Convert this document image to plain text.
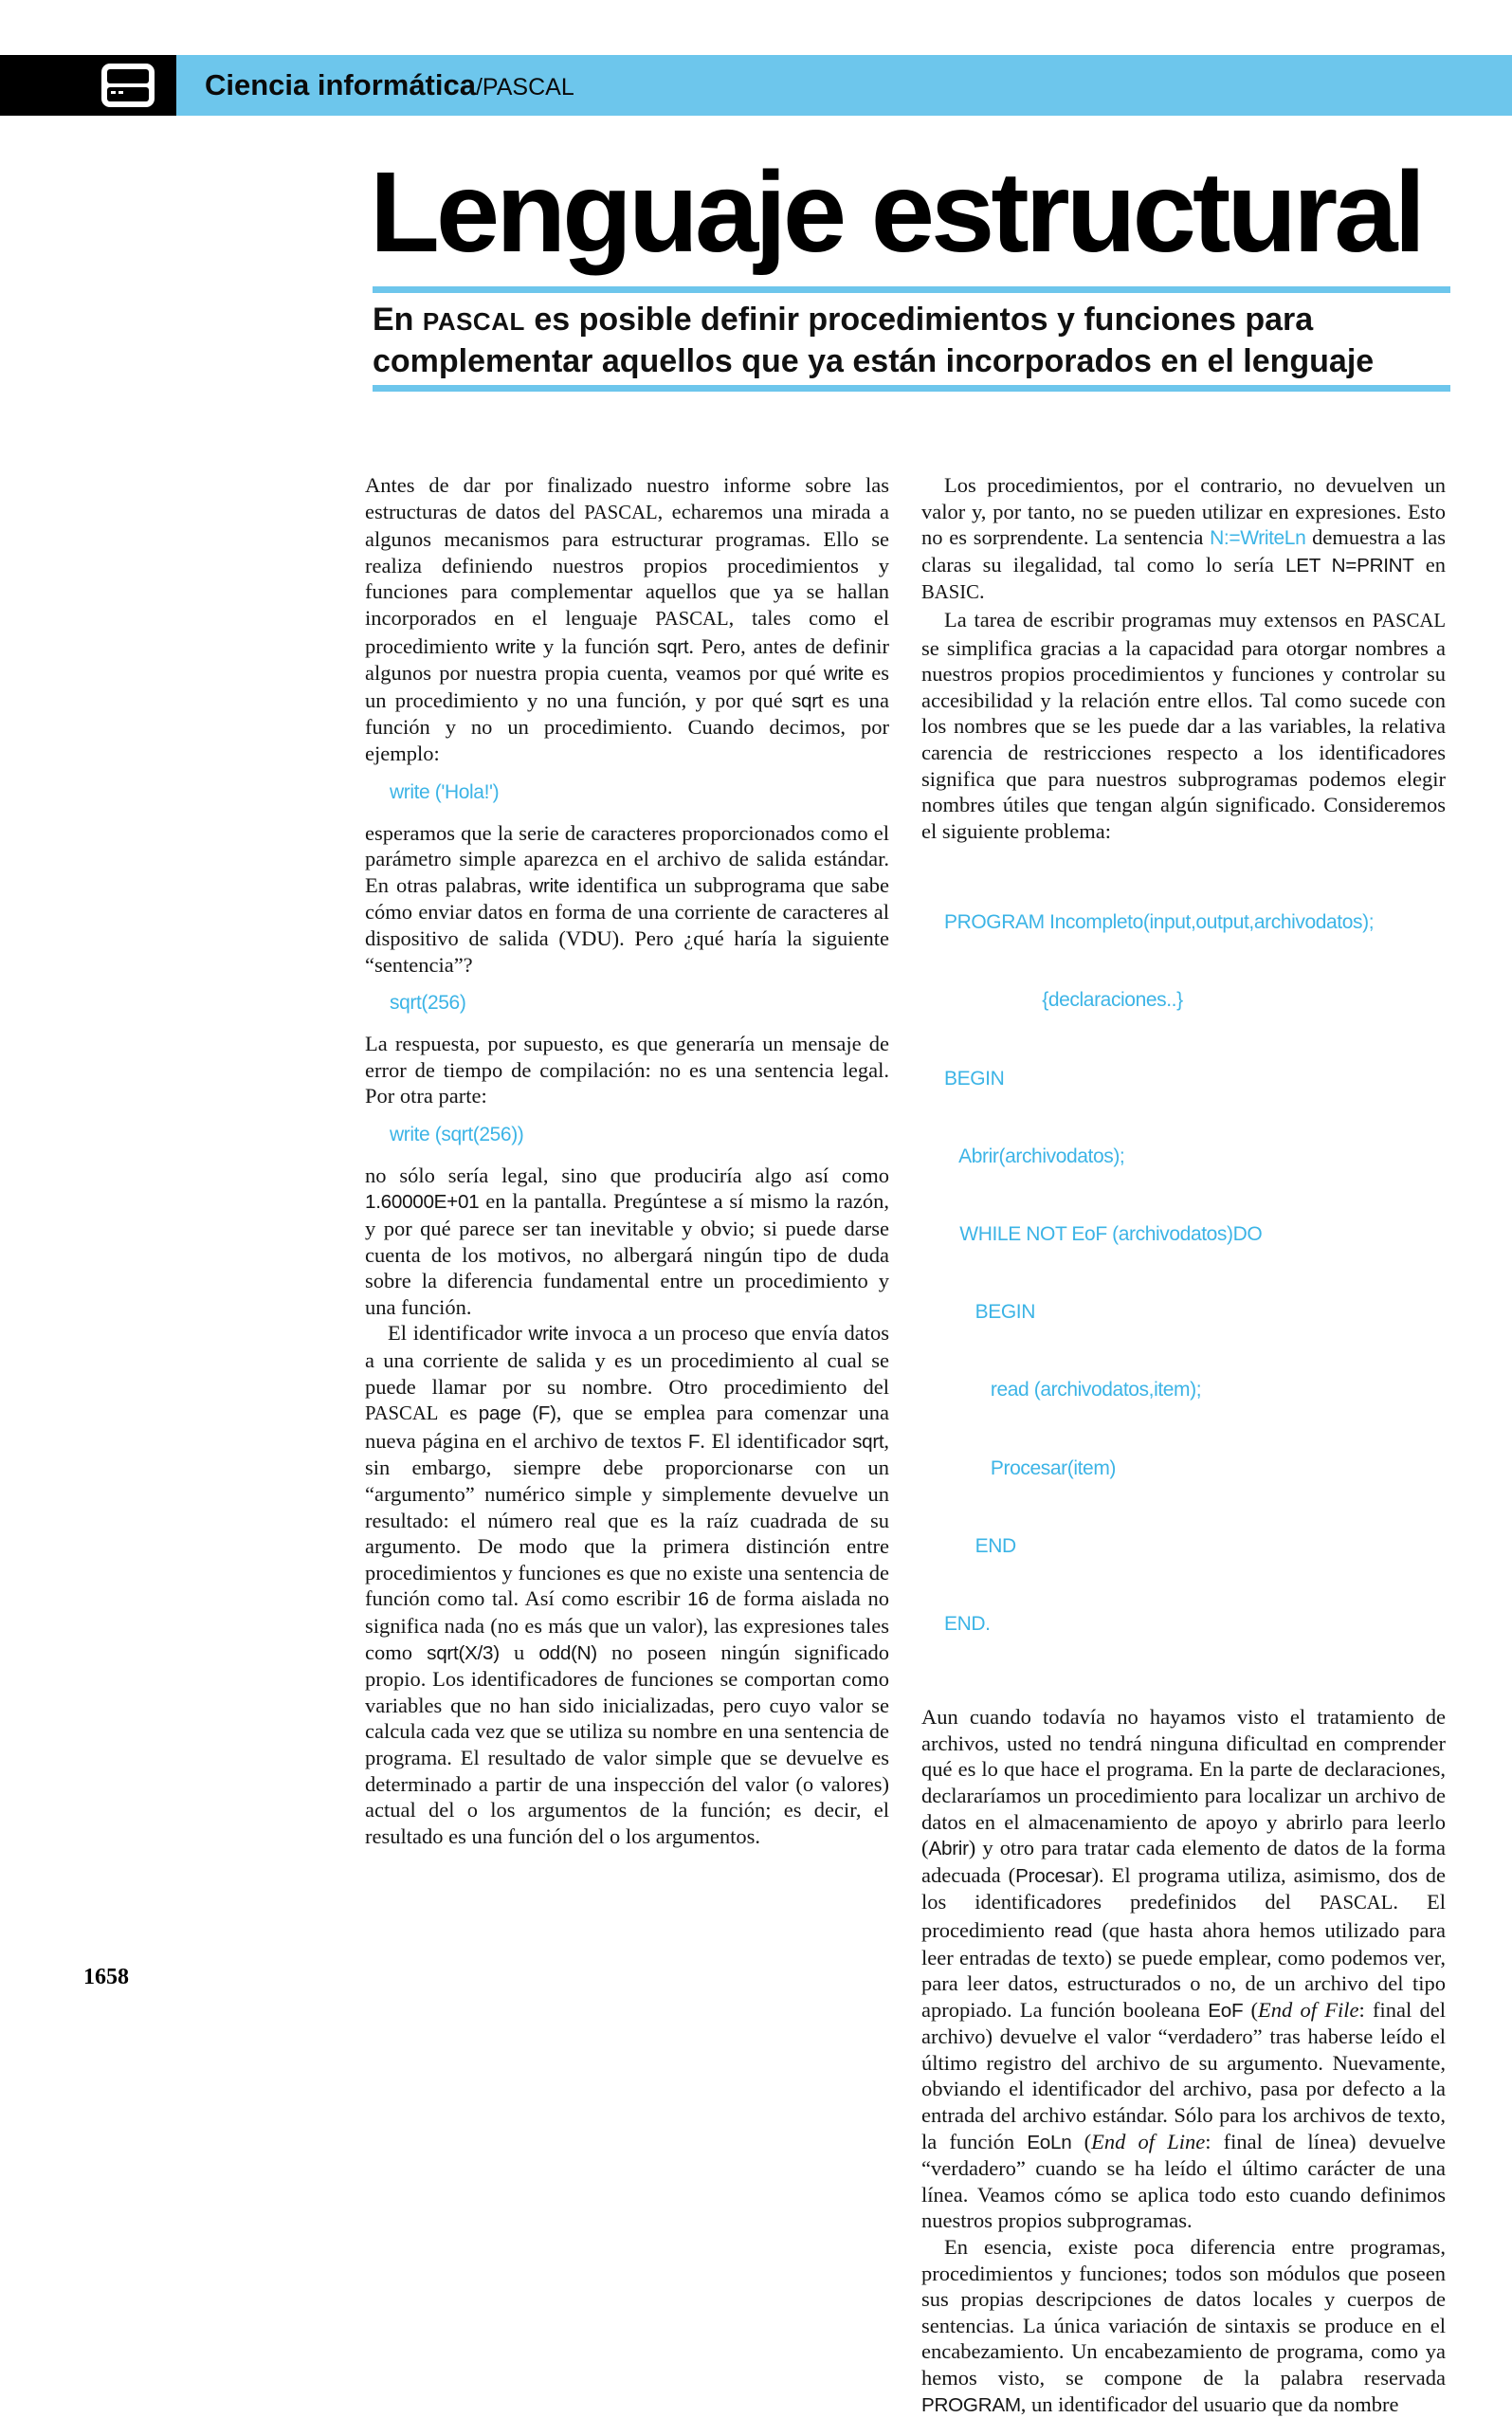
Ciencia informática/PASCAL
Lenguaje estructural
En PASCAL es posible definir procedimientos y funciones para complementar aquellos que ya están incorporados en el lenguaje

Antes de dar por finalizado nuestro informe sobre las estructuras de datos del PASCAL, echaremos una mirada a algunos mecanismos para estructurar programas. Ello se realiza definiendo nuestros propios procedimientos y funciones para complementar aquellos que ya se hallan incorporados en el lenguaje PASCAL, tales como el procedimiento write y la función sqrt. Pero, antes de definir algunos por nuestra propia cuenta, veamos por qué write es un procedimiento y no una función, y por qué sqrt es una función y no un procedimiento. Cuando decimos, por ejemplo:

write ('Hola!')

esperamos que la serie de caracteres proporcionados como el parámetro simple aparezca en el archivo de salida estándar. En otras palabras, write identifica un subprograma que sabe cómo enviar datos en forma de una corriente de caracteres al dispositivo de salida (VDU). Pero ¿qué haría la siguiente “sentencia”?

sqrt(256)

La respuesta, por supuesto, es que generaría un mensaje de error de tiempo de compilación: no es una sentencia legal. Por otra parte:

write (sqrt(256))

no sólo sería legal, sino que produciría algo así como 1.60000E+01 en la pantalla. Pregúntese a sí mismo la razón, y por qué parece ser tan inevitable y obvio; si puede darse cuenta de los motivos, no albergará ningún tipo de duda sobre la diferencia fundamental entre un procedimiento y una función.

El identificador write invoca a un proceso que envía datos a una corriente de salida y es un procedimiento al cual se puede llamar por su nombre. Otro procedimiento del PASCAL es page (F), que se emplea para comenzar una nueva página en el archivo de textos F. El identificador sqrt, sin embargo, siempre debe proporcionarse con un “argumento” numérico simple y simplemente devuelve un resultado: el número real que es la raíz cuadrada de su argumento. De modo que la primera distinción entre procedimientos y funciones es que no existe una sentencia de función como tal. Así como escribir 16 de forma aislada no significa nada (no es más que un valor), las expresiones tales como sqrt(X/3) u odd(N) no poseen ningún significado propio. Los identificadores de funciones se comportan como variables que no han sido inicializadas, pero cuyo valor se calcula cada vez que se utiliza su nombre en una sentencia de programa. El resultado de valor simple que se devuelve es determinado a partir de una inspección del valor (o valores) actual del o los argumentos de la función; es decir, el resultado es una función del o los argumentos.

Los procedimientos, por el contrario, no devuelven un valor y, por tanto, no se pueden utilizar en expresiones. Esto no es sorprendente. La sentencia N:=WriteLn demuestra a las claras su ilegalidad, tal como lo sería LET N=PRINT en BASIC.

La tarea de escribir programas muy extensos en PASCAL se simplifica gracias a la capacidad para otorgar nombres a nuestros propios procedimientos y funciones y controlar su accesibilidad y la relación entre ellos. Tal como sucede con los nombres que se les puede dar a las variables, la relativa carencia de restricciones respecto a los identificadores significa que para nuestros subprogramas podemos elegir nombres útiles que tengan algún significado. Consideremos el siguiente problema:

PROGRAM Incompleto(input,output,archivodatos);

{declaraciones..}

BEGIN

Abrir(archivodatos);

WHILE NOT EoF (archivodatos)DO

BEGIN

read (archivodatos,item);

Procesar(item)

END

END.

Aun cuando todavía no hayamos visto el tratamiento de archivos, usted no tendrá ninguna dificultad en comprender qué es lo que hace el programa. En la parte de declaraciones, declararíamos un procedimiento para localizar un archivo de datos en el almacenamiento de apoyo y abrirlo para leerlo (Abrir) y otro para tratar cada elemento de datos de la forma adecuada (Procesar). El programa utiliza, asimismo, dos de los identificadores predefinidos del PASCAL. El procedimiento read (que hasta ahora hemos utilizado para leer entradas de texto) se puede emplear, como podemos ver, para leer datos, estructurados o no, de un archivo del tipo apropiado. La función booleana EoF (End of File: final del archivo) devuelve el valor “verdadero” tras haberse leído el último registro del archivo de su argumento. Nuevamente, obviando el identificador del archivo, pasa por defecto a la entrada del archivo estándar. Sólo para los archivos de texto, la función EoLn (End of Line: final de línea) devuelve “verdadero” cuando se ha leído el último carácter de una línea. Veamos cómo se aplica todo esto cuando definimos nuestros propios subprogramas.

En esencia, existe poca diferencia entre programas, procedimientos y funciones; todos son módulos que poseen sus propias descripciones de datos locales y cuerpos de sentencias. La única variación de sintaxis se produce en el encabezamiento. Un encabezamiento de programa, como ya hemos visto, se compone de la palabra reservada PROGRAM, un identificador del usuario que da nombre

1658
